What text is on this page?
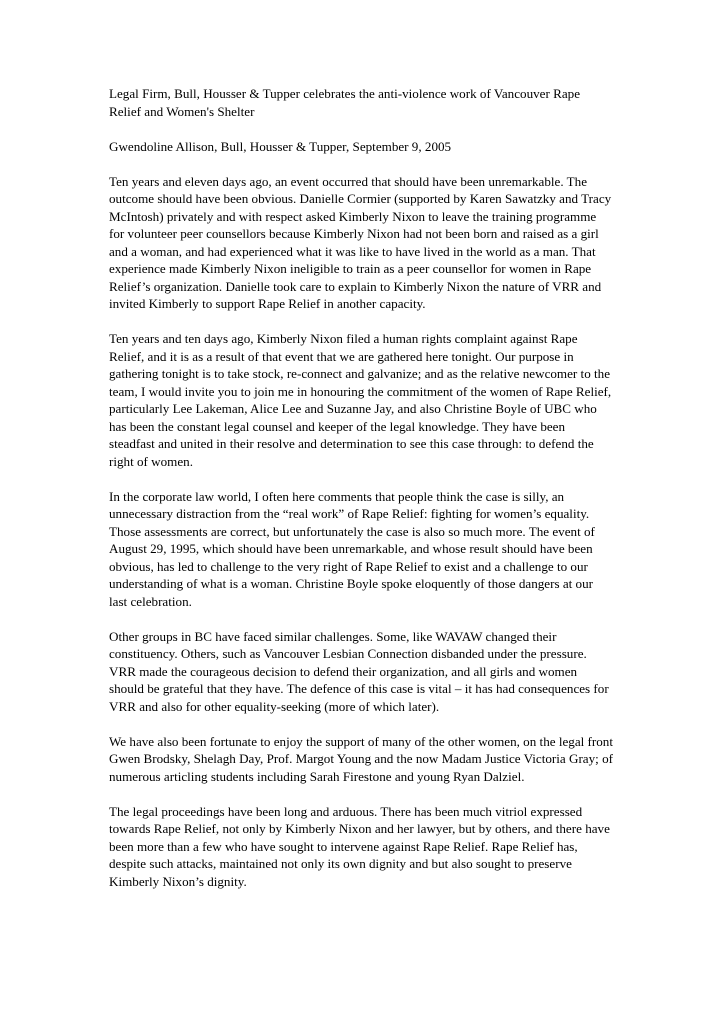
Legal Firm, Bull, Housser & Tupper celebrates the anti-violence work of Vancouver Rape Relief and Women's Shelter

Gwendoline Allison, Bull, Housser & Tupper, September 9, 2005

Ten years and eleven days ago, an event occurred that should have been unremarkable. The outcome should have been obvious. Danielle Cormier (supported by Karen Sawatzky and Tracy McIntosh) privately and with respect asked Kimberly Nixon to leave the training programme for volunteer peer counsellors because Kimberly Nixon had not been born and raised as a girl and a woman, and had experienced what it was like to have lived in the world as a man. That experience made Kimberly Nixon ineligible to train as a peer counsellor for women in Rape Relief’s organization. Danielle took care to explain to Kimberly Nixon the nature of VRR and invited Kimberly to support Rape Relief in another capacity.

Ten years and ten days ago, Kimberly Nixon filed a human rights complaint against Rape Relief, and it is as a result of that event that we are gathered here tonight. Our purpose in gathering tonight is to take stock, re-connect and galvanize; and as the relative newcomer to the team, I would invite you to join me in honouring the commitment of the women of Rape Relief, particularly Lee Lakeman, Alice Lee and Suzanne Jay, and also Christine Boyle of UBC who has been the constant legal counsel and keeper of the legal knowledge. They have been steadfast and united in their resolve and determination to see this case through: to defend the right of women.

In the corporate law world, I often here comments that people think the case is silly, an unnecessary distraction from the “real work” of Rape Relief: fighting for women’s equality. Those assessments are correct, but unfortunately the case is also so much more. The event of August 29, 1995, which should have been unremarkable, and whose result should have been obvious, has led to challenge to the very right of Rape Relief to exist and a challenge to our understanding of what is a woman. Christine Boyle spoke eloquently of those dangers at our last celebration.

Other groups in BC have faced similar challenges. Some, like WAVAW changed their constituency. Others, such as Vancouver Lesbian Connection disbanded under the pressure. VRR made the courageous decision to defend their organization, and all girls and women should be grateful that they have. The defence of this case is vital – it has had consequences for VRR and also for other equality-seeking (more of which later).

We have also been fortunate to enjoy the support of many of the other women, on the legal front Gwen Brodsky, Shelagh Day, Prof. Margot Young and the now Madam Justice Victoria Gray; of numerous articling students including Sarah Firestone and young Ryan Dalziel.

The legal proceedings have been long and arduous. There has been much vitriol expressed towards Rape Relief, not only by Kimberly Nixon and her lawyer, but by others, and there have been more than a few who have sought to intervene against Rape Relief. Rape Relief has, despite such attacks, maintained not only its own dignity and but also sought to preserve Kimberly Nixon’s dignity.
